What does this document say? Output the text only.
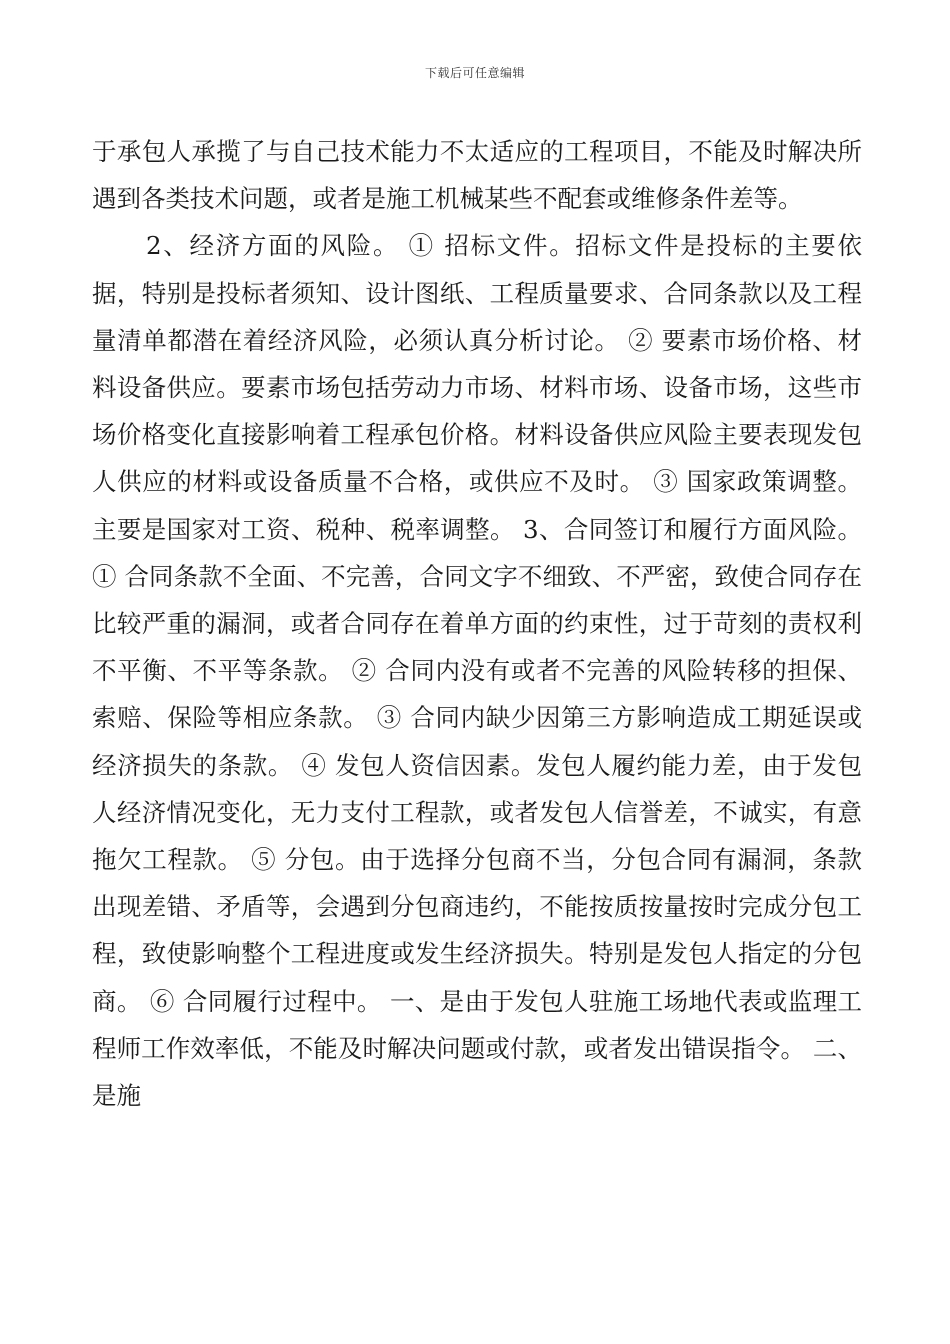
下载后可任意编辑

于承包人承揽了与自己技术能力不太适应的工程项目，不能及时解决所遇到各类技术问题，或者是施工机械某些不配套或维修条件差等。

2、经济方面的风险。 ① 招标文件。招标文件是投标的主要依据，特别是投标者须知、设计图纸、工程质量要求、合同条款以及工程量清单都潜在着经济风险，必须认真分析讨论。 ② 要素市场价格、材料设备供应。要素市场包括劳动力市场、材料市场、设备市场，这些市场价格变化直接影响着工程承包价格。材料设备供应风险主要表现发包人供应的材料或设备质量不合格，或供应不及时。 ③ 国家政策调整。主要是国家对工资、税种、税率调整。 3、合同签订和履行方面风险。 ① 合同条款不全面、不完善，合同文字不细致、不严密，致使合同存在比较严重的漏洞，或者合同存在着单方面的约束性，过于苛刻的责权利不平衡、不平等条款。 ② 合同内没有或者不完善的风险转移的担保、索赔、保险等相应条款。 ③ 合同内缺少因第三方影响造成工期延误或经济损失的条款。 ④ 发包人资信因素。发包人履约能力差，由于发包人经济情况变化，无力支付工程款，或者发包人信誉差，不诚实，有意拖欠工程款。 ⑤ 分包。由于选择分包商不当，分包合同有漏洞，条款出现差错、矛盾等，会遇到分包商违约，不能按质按量按时完成分包工程，致使影响整个工程进度或发生经济损失。特别是发包人指定的分包商。 ⑥ 合同履行过程中。 一、是由于发包人驻施工场地代表或监理工程师工作效率低，不能及时解决问题或付款，或者发出错误指令。 二、是施
